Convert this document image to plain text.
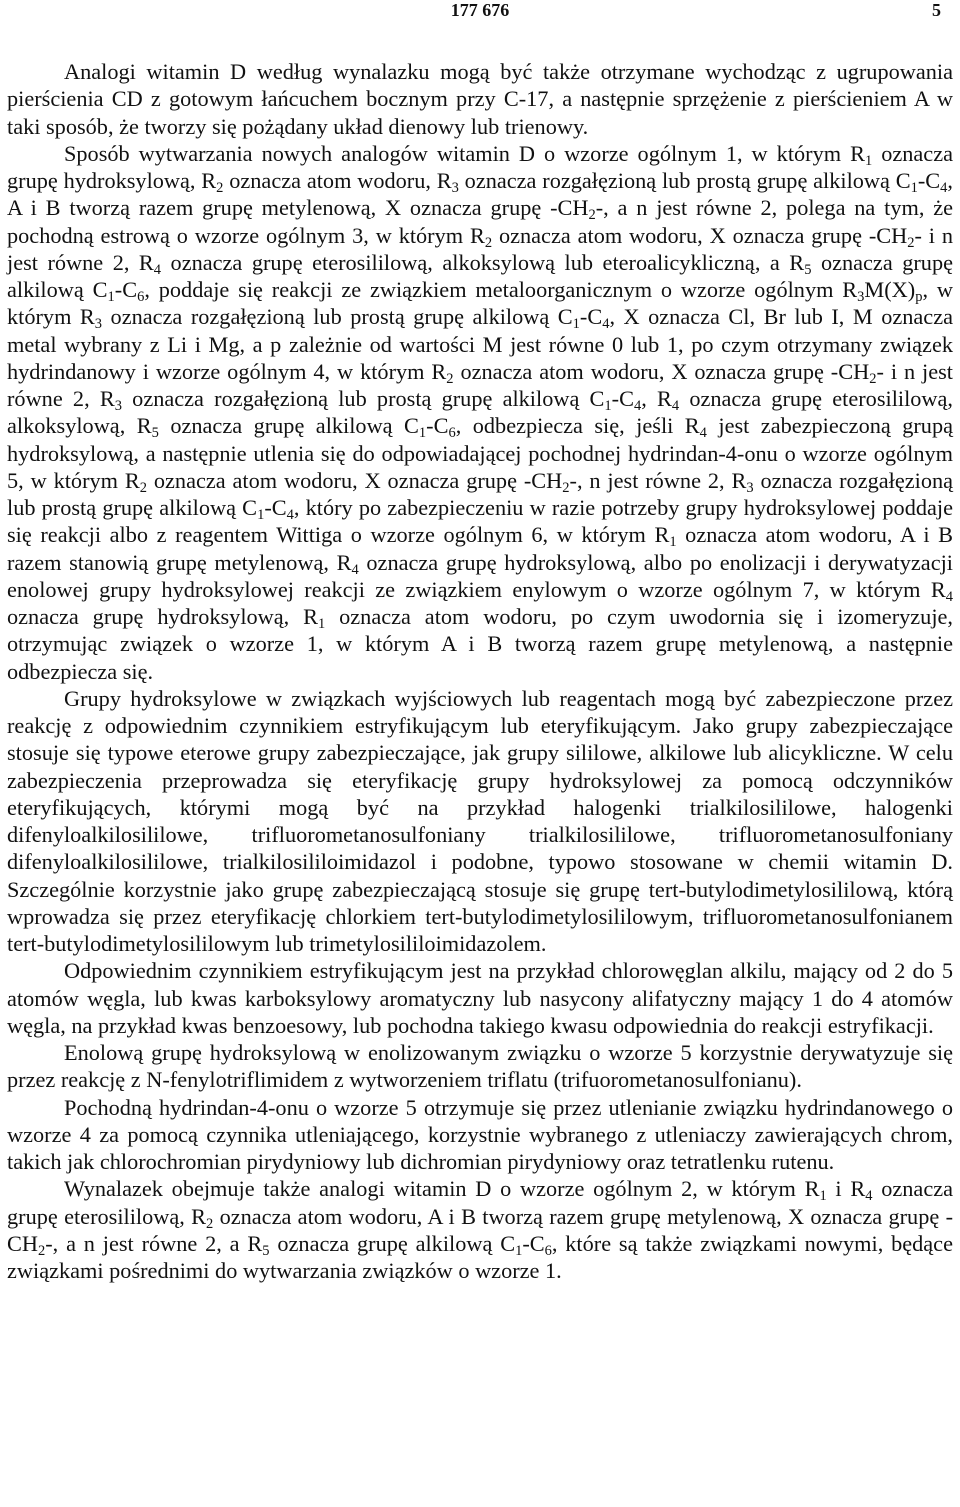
177 676	5

Analogi witamin D według wynalazku mogą być także otrzymane wychodząc z ugrupowania pierścienia CD z gotowym łańcuchem bocznym przy C-17, a następnie sprzężenie z pierścieniem A w taki sposób, że tworzy się pożądany układ dienowy lub trienowy.

Sposób wytwarzania nowych analogów witamin D o wzorze ogólnym 1, w którym $R_1$ oznacza grupę hydroksylową, $R_2$ oznacza atom wodoru, $R_3$ oznacza rozgałęzioną lub prostą grupę alkilową $C_1-C_4$, A i B tworzą razem grupę metylenową, X oznacza grupę $-CH_2-$, a n jest równe 2, polega na tym, że pochodną estrową o wzorze ogólnym 3, w którym $R_2$ oznacza atom wodoru, X oznacza grupę $-CH_2-$ i n jest równe 2, $R_4$ oznacza grupę eterosililową, alkoksylową lub eteroalicykliczną, a $R_5$ oznacza grupę alkilową $C_1-C_6$, poddaje się reakcji ze związkiem metaloorganicznym o wzorze ogólnym $R_3M(X)_p$, w którym $R_3$ oznacza rozgałęzioną lub prostą grupę alkilową $C_1-C_4$, X oznacza Cl, Br lub I, M oznacza metal wybrany z Li i Mg, a p zależnie od wartości M jest równe 0 lub 1, po czym otrzymany związek hydrindanowy i wzorze ogólnym 4, w którym $R_2$ oznacza atom wodoru, X oznacza grupę $-CH_2-$ i n jest równe 2, $R_3$ oznacza rozgałęzioną lub prostą grupę alkilową $C_1-C_4$, $R_4$ oznacza grupę eterosililową, alkoksylową, $R_5$ oznacza grupę alkilową $C_1-C_6$, odbezpiecza się, jeśli $R_4$ jest zabezpieczoną grupą hydroksylową, a następnie utlenia się do odpowiadającej pochodnej hydrindan-4-onu o wzorze ogólnym 5, w którym $R_2$ oznacza atom wodoru, X oznacza grupę $-CH_2-$, n jest równe 2, $R_3$ oznacza rozgałęzioną lub prostą grupę alkilową $C_1-C_4$, który po zabezpieczeniu w razie potrzeby grupy hydroksylowej poddaje się reakcji albo z reagentem Wittiga o wzorze ogólnym 6, w którym $R_1$ oznacza atom wodoru, A i B razem stanowią grupę metylenową, $R_4$ oznacza grupę hydroksylową, albo po enolizacji i derywatyzacji enolowej grupy hydroksylowej reakcji ze związkiem enylowym o wzorze ogólnym 7, w którym $R_4$ oznacza grupę hydroksylową, $R_1$ oznacza atom wodoru, po czym uwodornia się i izomeryzuje, otrzymując związek o wzorze 1, w którym A i B tworzą razem grupę metylenową, a następnie odbezpiecza się.

Grupy hydroksylowe w związkach wyjściowych lub reagentach mogą być zabezpieczone przez reakcję z odpowiednim czynnikiem estryfikującym lub eteryfikującym. Jako grupy zabezpieczające stosuje się typowe eterowe grupy zabezpieczające, jak grupy sililowe, alkilowe lub alicykliczne. W celu zabezpieczenia przeprowadza się eteryfikację grupy hydroksylowej za pomocą odczynników eteryfikujących, którymi mogą być na przykład halogenki trialkilosililowe, halogenki difenyloalkilosililowe, trifluorometanosulfoniany trialkilosililowe, trifluorometanosulfoniany difenyloalkilosililowe, trialkilosililoimidazol i podobne, typowo stosowane w chemii witamin D. Szczególnie korzystnie jako grupę zabezpieczającą stosuje się grupę tert-butylodimetylosililową, którą wprowadza się przez eteryfikację chlorkiem tert-butylodimetylosililowym, trifluorometanosulfonianem tert-butylodimetylosililowym lub trimetylosililoimidazolem.

Odpowiednim czynnikiem estryfikującym jest na przykład chlorowęglan alkilu, mający od 2 do 5 atomów węgla, lub kwas karboksylowy aromatyczny lub nasycony alifatyczny mający 1 do 4 atomów węgla, na przykład kwas benzoesowy, lub pochodna takiego kwasu odpowiednia do reakcji estryfikacji.

Enolową grupę hydroksylową w enolizowanym związku o wzorze 5 korzystnie derywatyzuje się przez reakcję z N-fenylotriflimidem z wytworzeniem triflatu (trifuorometanosulfonianu).

Pochodną hydrindan-4-onu o wzorze 5 otrzymuje się przez utlenianie związku hydrindanowego o wzorze 4 za pomocą czynnika utleniającego, korzystnie wybranego z utleniaczy zawierających chrom, takich jak chlorochromian pirydyniowy lub dichromian pirydyniowy oraz tetratlenku rutenu.

Wynalazek obejmuje także analogi witamin D o wzorze ogólnym 2, w którym $R_1$ i $R_4$ oznacza grupę eterosililową, $R_2$ oznacza atom wodoru, A i B tworzą razem grupę metylenową, X oznacza grupę $-CH_2-$, a n jest równe 2, a $R_5$ oznacza grupę alkilową $C_1-C_6$, które są także związkami nowymi, będące związkami pośrednimi do wytwarzania związków o wzorze 1.
